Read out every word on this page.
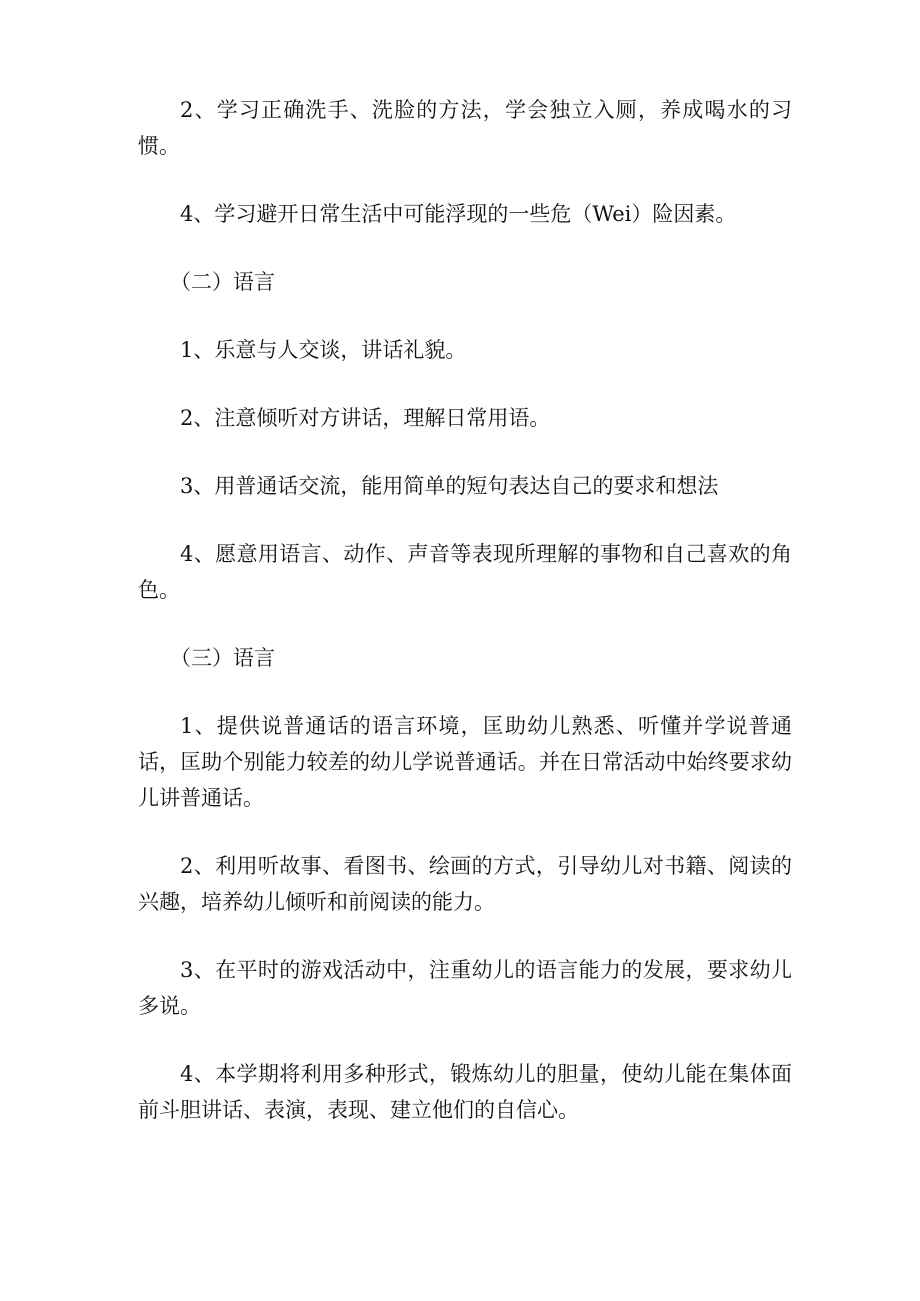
2、学习正确洗手、洗脸的方法，学会独立入厕，养成喝水的习惯。

4、学习避开日常生活中可能浮现的一些危（Wei）险因素。

（二）语言

1、乐意与人交谈，讲话礼貌。

2、注意倾听对方讲话，理解日常用语。

3、用普通话交流，能用简单的短句表达自己的要求和想法

4、愿意用语言、动作、声音等表现所理解的事物和自己喜欢的角色。

（三）语言

1、提供说普通话的语言环境，匡助幼儿熟悉、听懂并学说普通话，匡助个别能力较差的幼儿学说普通话。并在日常活动中始终要求幼儿讲普通话。

2、利用听故事、看图书、绘画的方式，引导幼儿对书籍、阅读的兴趣，培养幼儿倾听和前阅读的能力。

3、在平时的游戏活动中，注重幼儿的语言能力的发展，要求幼儿多说。

4、本学期将利用多种形式，锻炼幼儿的胆量，使幼儿能在集体面前斗胆讲话、表演，表现、建立他们的自信心。
